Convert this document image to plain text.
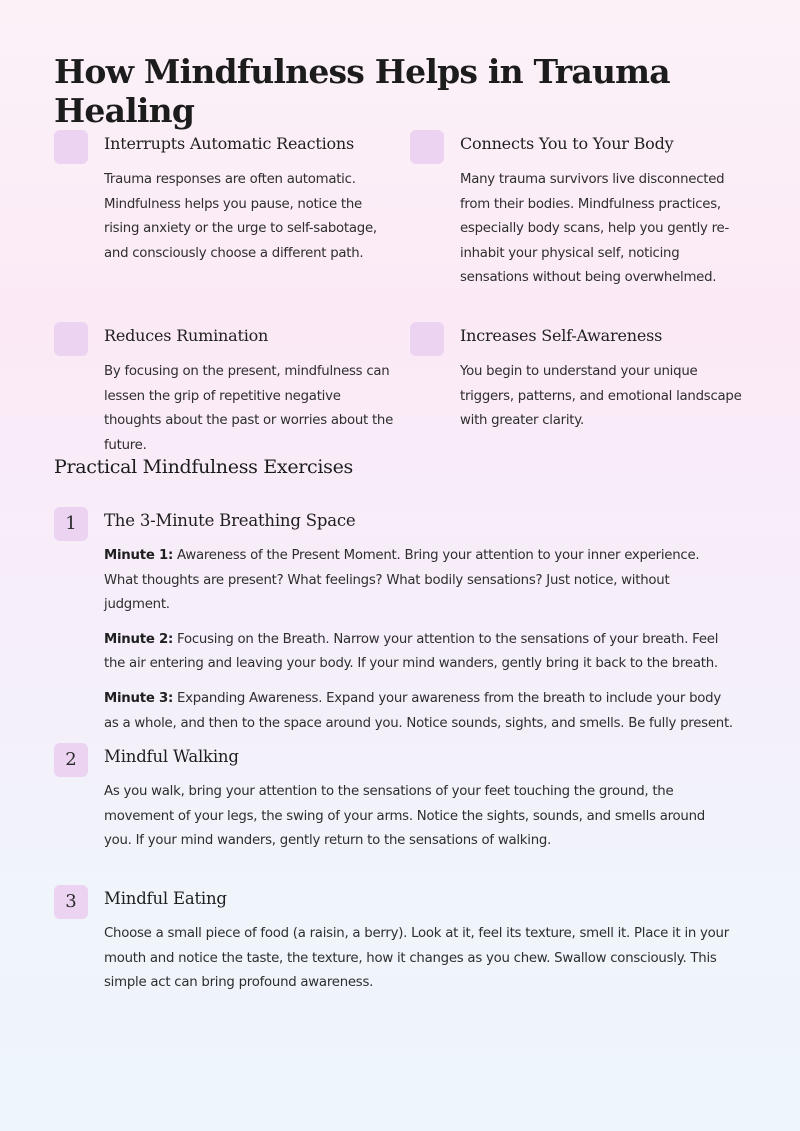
How Mindfulness Helps in Trauma Healing
Interrupts Automatic Reactions

Trauma responses are often automatic. Mindfulness helps you pause, notice the rising anxiety or the urge to self-sabotage, and consciously choose a different path.

Connects You to Your Body

Many trauma survivors live disconnected from their bodies. Mindfulness practices, especially body scans, help you gently re-inhabit your physical self, noticing sensations without being overwhelmed.

Reduces Rumination

By focusing on the present, mindfulness can lessen the grip of repetitive negative thoughts about the past or worries about the future.

Increases Self-Awareness

You begin to understand your unique triggers, patterns, and emotional landscape with greater clarity.

Practical Mindfulness Exercises
1	The 3-Minute Breathing Space

Minute 1: Awareness of the Present Moment. Bring your attention to your inner experience. What thoughts are present? What feelings? What bodily sensations? Just notice, without judgment.

Minute 2: Focusing on the Breath. Narrow your attention to the sensations of your breath. Feel the air entering and leaving your body. If your mind wanders, gently bring it back to the breath.

Minute 3: Expanding Awareness. Expand your awareness from the breath to include your body as a whole, and then to the space around you. Notice sounds, sights, and smells. Be fully present.

2	Mindful Walking

As you walk, bring your attention to the sensations of your feet touching the ground, the movement of your legs, the swing of your arms. Notice the sights, sounds, and smells around you. If your mind wanders, gently return to the sensations of walking.

3	Mindful Eating

Choose a small piece of food (a raisin, a berry). Look at it, feel its texture, smell it. Place it in your mouth and notice the taste, the texture, how it changes as you chew. Swallow consciously. This simple act can bring profound awareness.
